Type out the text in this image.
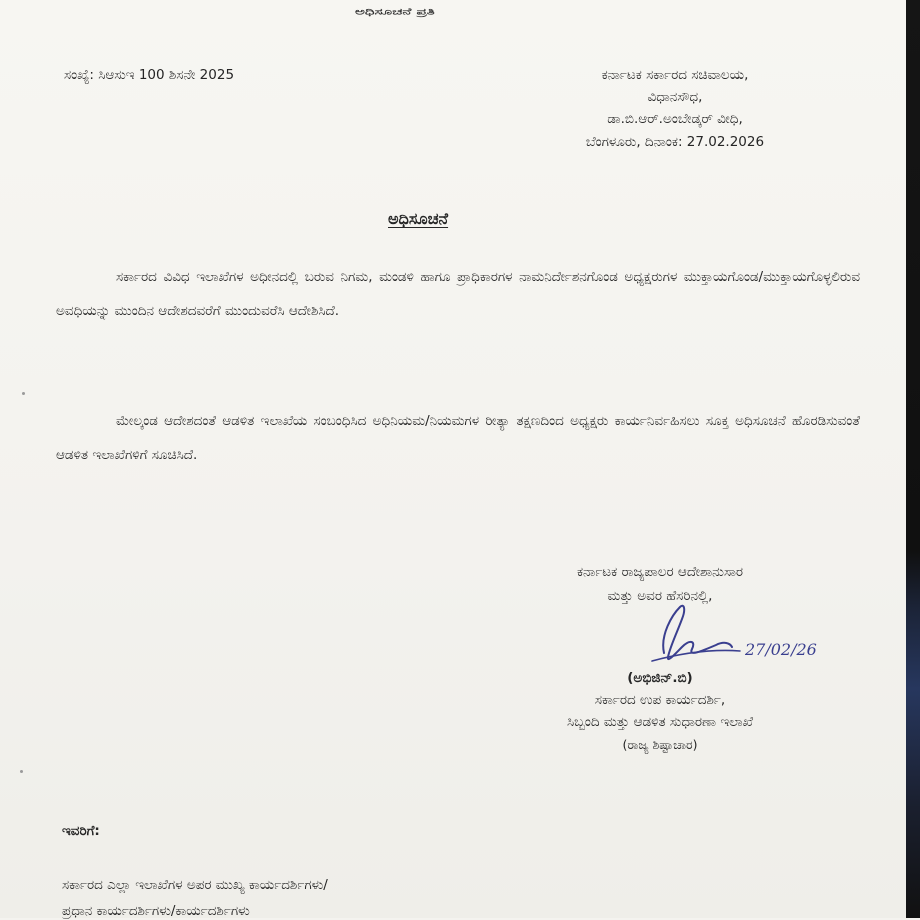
ಅಧಿಸೂಚನೆ ಪ್ರತಿ
ಸಂಖ್ಯೆ: ಸಿಆಸುಇ 100 ಶಿಸನೇ 2025	ಕರ್ನಾಟಕ ಸರ್ಕಾರದ ಸಚಿವಾಲಯ,
ವಿಧಾನಸೌಧ,
ಡಾ.ಬಿ.ಆರ್.ಅಂಬೇಡ್ಕರ್ ವೀಧಿ,
ಬೆಂಗಳೂರು, ದಿನಾಂಕ: 27.02.2026
ಅಧಿಸೂಚನೆ
ಸರ್ಕಾರದ ವಿವಿಧ ಇಲಾಖೆಗಳ ಅಧೀನದಲ್ಲಿ ಬರುವ ನಿಗಮ, ಮಂಡಳಿ ಹಾಗೂ ಪ್ರಾಧಿಕಾರಗಳ ನಾಮನಿರ್ದೇಶನಗೊಂಡ ಅಧ್ಯಕ್ಷರುಗಳ ಮುಕ್ತಾಯಗೊಂಡ/ಮುಕ್ತಾಯಗೊಳ್ಳಲಿರುವ ಅವಧಿಯನ್ನು ಮುಂದಿನ ಆದೇಶದವರೆಗೆ ಮುಂದುವರೆಸಿ ಆದೇಶಿಸಿದೆ.
ಮೇಲ್ಕಂಡ ಆದೇಶದಂತೆ ಆಡಳಿತ ಇಲಾಖೆಯ ಸಂಬಂಧಿಸಿದ ಅಧಿನಿಯಮ/ನಿಯಮಗಳ ರೀತ್ಯಾ ತಕ್ಷಣದಿಂದ ಅಧ್ಯಕ್ಷರು ಕಾರ್ಯನಿರ್ವಹಿಸಲು ಸೂಕ್ತ ಅಧಿಸೂಚನೆ ಹೊರಡಿಸುವಂತೆ ಆಡಳಿತ ಇಲಾಖೆಗಳಿಗೆ ಸೂಚಿಸಿದೆ.
ಕರ್ನಾಟಕ ರಾಜ್ಯಪಾಲರ ಆದೇಶಾನುಸಾರ
ಮತ್ತು ಅವರ ಹೆಸರಿನಲ್ಲಿ,
27/02/26
(ಅಭಿಜಿನ್.ಬಿ)
ಸರ್ಕಾರದ ಉಪ ಕಾರ್ಯದರ್ಶಿ,
ಸಿಬ್ಬಂದಿ ಮತ್ತು ಆಡಳಿತ ಸುಧಾರಣಾ ಇಲಾಖೆ
(ರಾಜ್ಯ ಶಿಷ್ಟಾಚಾರ)
ಇವರಿಗೆ:
ಸರ್ಕಾರದ ಎಲ್ಲಾ ಇಲಾಖೆಗಳ ಅಪರ ಮುಖ್ಯ ಕಾರ್ಯದರ್ಶಿಗಳು/
ಪ್ರಧಾನ ಕಾರ್ಯದರ್ಶಿಗಳು/ಕಾರ್ಯದರ್ಶಿಗಳು
